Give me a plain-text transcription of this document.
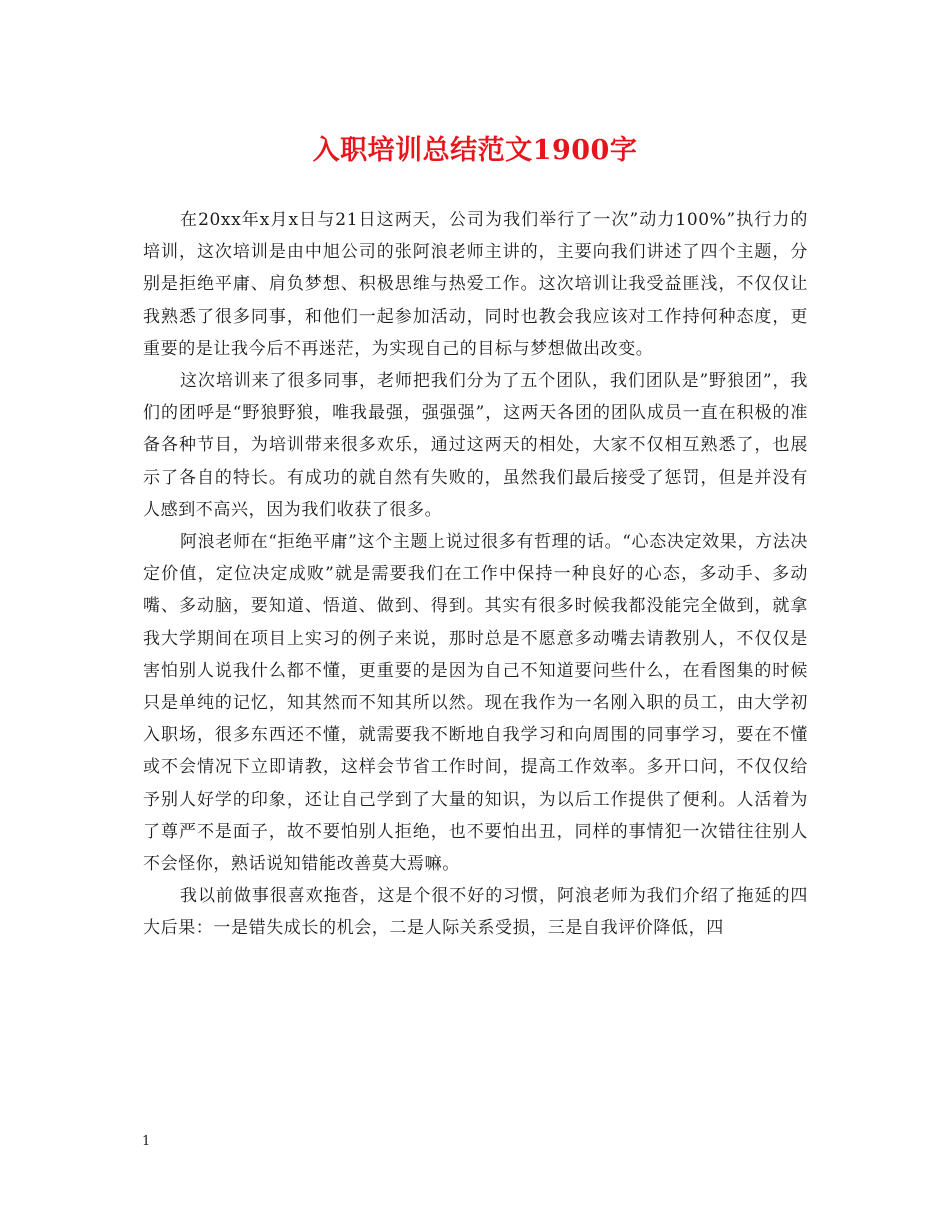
入职培训总结范文1900字

在20xx年x月x日与21日这两天，公司为我们举行了一次”动力100%”执行力的培训，这次培训是由中旭公司的张阿浪老师主讲的，主要向我们讲述了四个主题，分别是拒绝平庸、肩负梦想、积极思维与热爱工作。这次培训让我受益匪浅，不仅仅让我熟悉了很多同事，和他们一起参加活动，同时也教会我应该对工作持何种态度，更重要的是让我今后不再迷茫，为实现自己的目标与梦想做出改变。

这次培训来了很多同事，老师把我们分为了五个团队，我们团队是”野狼团”，我们的团呼是“野狼野狼，唯我最强，强强强”，这两天各团的团队成员一直在积极的准备各种节目，为培训带来很多欢乐，通过这两天的相处，大家不仅相互熟悉了，也展示了各自的特长。有成功的就自然有失败的，虽然我们最后接受了惩罚，但是并没有人感到不高兴，因为我们收获了很多。

阿浪老师在“拒绝平庸”这个主题上说过很多有哲理的话。“心态决定效果，方法决定价值，定位决定成败”就是需要我们在工作中保持一种良好的心态，多动手、多动嘴、多动脑，要知道、悟道、做到、得到。其实有很多时候我都没能完全做到，就拿我大学期间在项目上实习的例子来说，那时总是不愿意多动嘴去请教别人，不仅仅是害怕别人说我什么都不懂，更重要的是因为自己不知道要问些什么，在看图集的时候只是单纯的记忆，知其然而不知其所以然。现在我作为一名刚入职的员工，由大学初入职场，很多东西还不懂，就需要我不断地自我学习和向周围的同事学习，要在不懂或不会情况下立即请教，这样会节省工作时间，提高工作效率。多开口问，不仅仅给予别人好学的印象，还让自己学到了大量的知识，为以后工作提供了便利。人活着为了尊严不是面子，故不要怕别人拒绝，也不要怕出丑，同样的事情犯一次错往往别人不会怪你，熟话说知错能改善莫大焉嘛。

我以前做事很喜欢拖沓，这是个很不好的习惯，阿浪老师为我们介绍了拖延的四大后果：一是错失成长的机会，二是人际关系受损，三是自我评价降低，四

1
